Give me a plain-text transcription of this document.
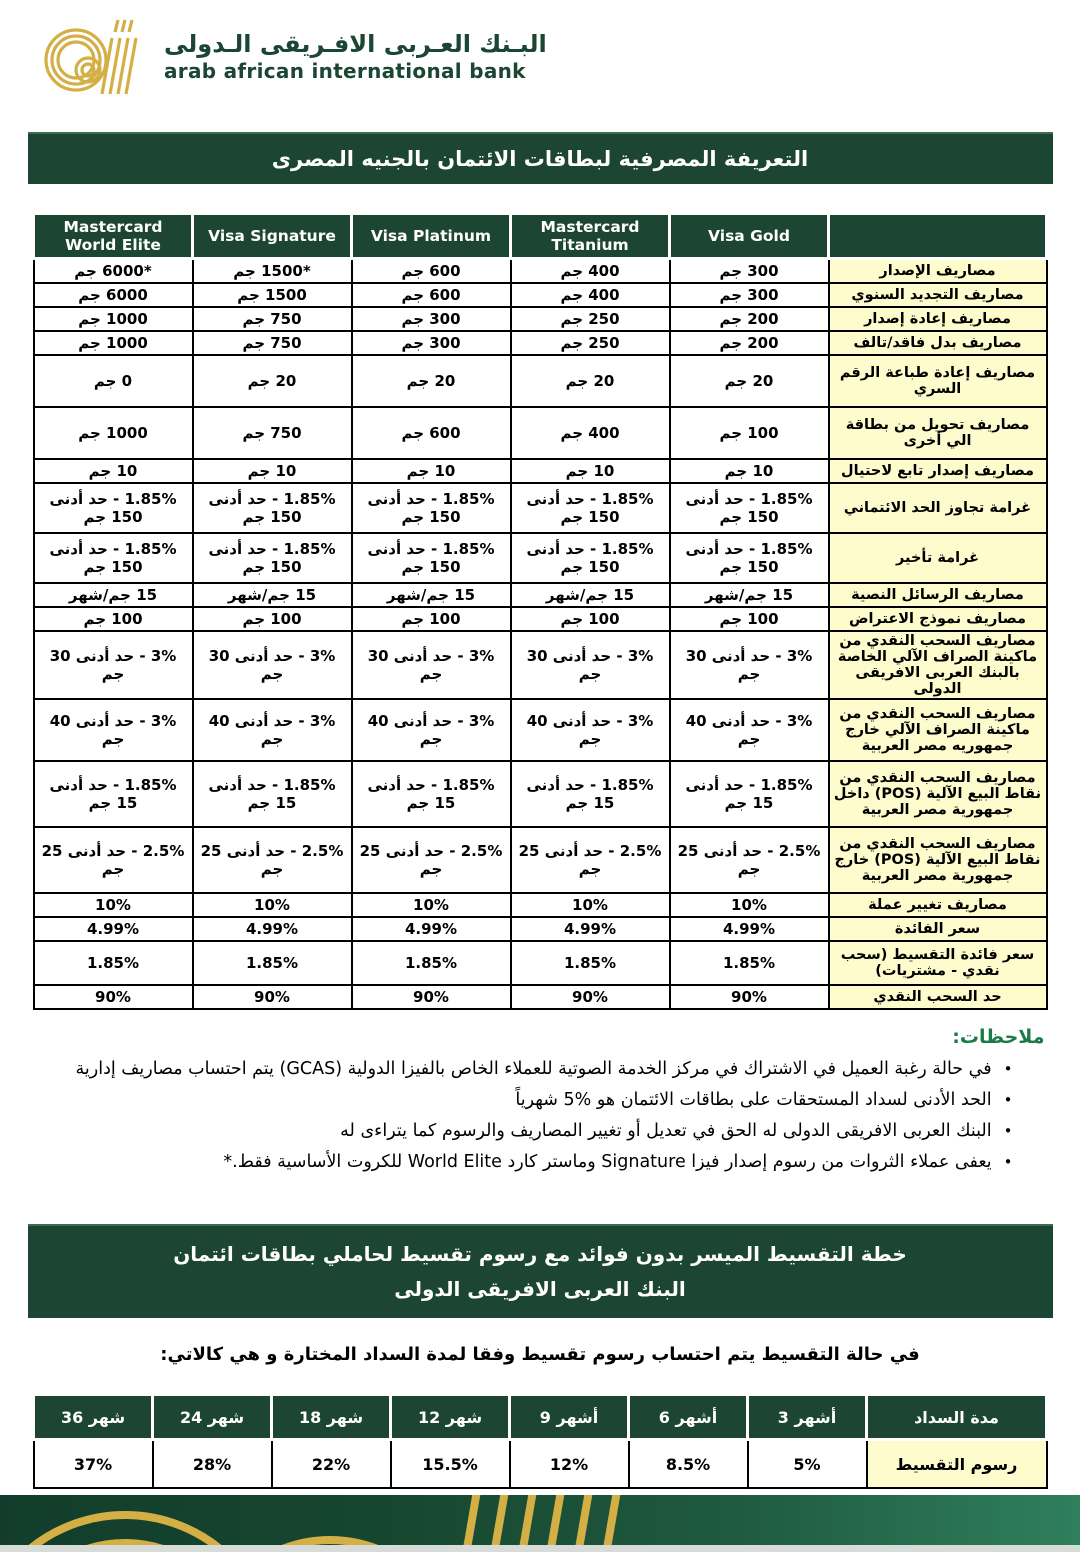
البـنك العـربى الافـريقى الـدولى
arab african international bank
التعريفة المصرفية لبطاقات الائتمان بالجنيه المصرى
Mastercard World Elite	Visa Signature	Visa Platinum	Mastercard Titanium	Visa Gold	
*6000 جم	*1500 جم	600 جم	400 جم	300 جم	مصاريف الإصدار
6000 جم	1500 جم	600 جم	400 جم	300 جم	مصاريف التجديد السنوي
1000 جم	750 جم	300 جم	250 جم	200 جم	مصاريف إعادة إصدار
1000 جم	750 جم	300 جم	250 جم	200 جم	مصاريف بدل فاقد/تالف
0 جم	20 جم	20 جم	20 جم	20 جم	مصاريف إعادة طباعة الرقم السري
1000 جم	750 جم	600 جم	400 جم	100 جم	مصاريف تحويل من بطاقة الي أخرى
10 جم	10 جم	10 جم	10 جم	10 جم	مصاريف إصدار تابع لاحتيال
1.85% - حد أدنى 150 جم	1.85% - حد أدنى 150 جم	1.85% - حد أدنى 150 جم	1.85% - حد أدنى 150 جم	1.85% - حد أدنى 150 جم	غرامة تجاوز الحد الائتماني
1.85% - حد أدنى 150 جم	1.85% - حد أدنى 150 جم	1.85% - حد أدنى 150 جم	1.85% - حد أدنى 150 جم	1.85% - حد أدنى 150 جم	غرامة تأخير
15 جم/شهر	15 جم/شهر	15 جم/شهر	15 جم/شهر	15 جم/شهر	مصاريف الرسائل النصية
100 جم	100 جم	100 جم	100 جم	100 جم	مصاريف نموذج الاعتراض
3% - حد أدنى 30 جم	3% - حد أدنى 30 جم	3% - حد أدنى 30 جم	3% - حد أدنى 30 جم	3% - حد أدنى 30 جم	مصاريف السحب النقدي من ماكينة الصراف الآلي الخاصة بالبنك العربى الافريقى الدولى
3% - حد أدنى 40 جم	3% - حد أدنى 40 جم	3% - حد أدنى 40 جم	3% - حد أدنى 40 جم	3% - حد أدنى 40 جم	مصاريف السحب النقدي من ماكينة الصراف الآلي خارج جمهوريه مصر العربية
1.85% - حد أدنى 15 جم	1.85% - حد أدنى 15 جم	1.85% - حد أدنى 15 جم	1.85% - حد أدنى 15 جم	1.85% - حد أدنى 15 جم	مصاريف السحب النقدي من نقاط البيع الآلية (POS) داخل جمهورية مصر العربية
2.5% - حد أدنى 25 جم	2.5% - حد أدنى 25 جم	2.5% - حد أدنى 25 جم	2.5% - حد أدنى 25 جم	2.5% - حد أدنى 25 جم	مصاريف السحب النقدي من نقاط البيع الآلية (POS) خارج جمهورية مصر العربية
10%	10%	10%	10%	10%	مصاريف تغيير عملة
4.99%	4.99%	4.99%	4.99%	4.99%	سعر الفائدة
1.85%	1.85%	1.85%	1.85%	1.85%	سعر فائدة التقسيط (سحب نقدي - مشتريات)
90%	90%	90%	90%	90%	حد السحب النقدي
ملاحظات:
•
في حالة رغبة العميل في الاشتراك في مركز الخدمة الصوتية للعملاء الخاص بالفيزا الدولية (GCAS) يتم احتساب مصاريف إدارية
•
الحد الأدنى لسداد المستحقات على بطاقات الائتمان هو %5 شهرياً
•
البنك العربى الافريقى الدولى له الحق في تعديل أو تغيير المصاريف والرسوم كما يتراءى له
•
يعفى عملاء الثروات من رسوم إصدار فيزا Signature وماستر كارد World Elite للكروت الأساسية فقط.*
خطة التقسيط الميسر بدون فوائد مع رسوم تقسيط لحاملي بطاقات ائتمان
البنك العربى الافريقى الدولى
في حالة التقسيط يتم احتساب رسوم تقسيط وفقا لمدة السداد المختارة و هي كالاتي:
36 شهر	24 شهر	18 شهر	12 شهر	9 أشهر	6 أشهر	3 أشهر	مدة السداد
37%	28%	22%	15.5%	12%	8.5%	5%	رسوم التقسيط
